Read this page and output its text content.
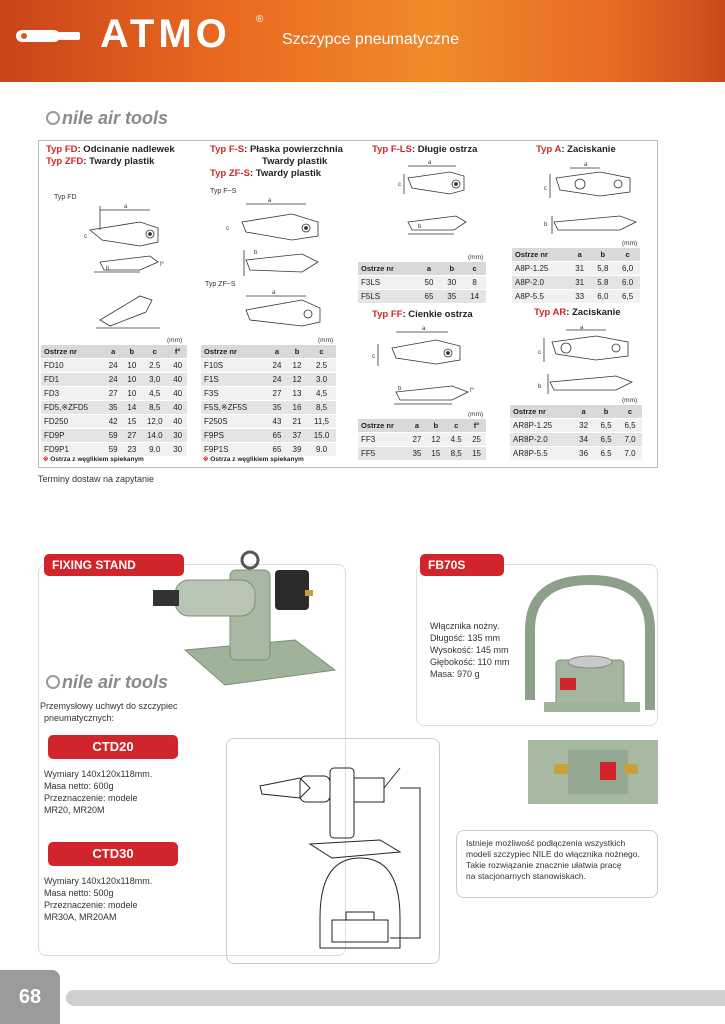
ATMO	®
Szczypce pneumatyczne
nile air tools
Typ FD: Odcinanie nadlewek
Typ ZFD: Twardy plastik
Typ F-S: Płaska powierzchnia
Twardy plastik
Typ ZF-S: Twardy plastik
Typ F-LS: Długie ostrza	Typ A: Zaciskanie
Typ FD
Typ F~S
Typ ZF~S
a
c
b
f°
a
c
b
a
a
c
b
a
c
b
a
c
b	f°
a
c
b
Typ FF: Cienkie ostrza	Typ AR: Zaciskanie
(mm)	(mm)
(mm)
(mm)
(mm)
(mm)
Ostrze nr	a	b	c	f°
FD10	24	10	2.5	40
FD1	24	10	3,0	40
FD3	27	10	4,5	40
FD5,※ZFD5	35	14	8,5	40
FD250	42	15	12,0	40
FD9P	59	27	14.0	30
FD9P1	59	23	9.0	30
※ Ostrza z węglikiem spiekanym
Ostrze nr	a	b	c
F10S	24	12	2.5
F1S	24	12	3.0
F3S	27	13	4,5
F5S,※ZF5S	35	16	8,5
F250S	43	21	11,5
F9PS	65	37	15.0
F9P1S	65	39	9.0
※ Ostrza z węglikiem spiekanym
Ostrze nr	a	b	c
F3LS	50	30	8
F5LS	65	35	14
Ostrze nr	a	b	c
A8P-1.25	31	5,8	6,0
A8P-2.0	31	5.8	6.0
A8P-5.5	33	6,0	6,5
Ostrze nr	a	b	c	f°
FF3	27	12	4.5	25
FF5	35	15	8,5	15
Ostrze nr	a	b	c
AR8P-1.25	32	6,5	6,5
AR8P-2.0	34	6,5	7,0
AR8P-5.5	36	6.5	7.0
Terminy dostaw na zapytanie
FIXING STAND
nile air tools
Przemysłowy uchwyt do szczypiec
pneumatycznych:
CTD20
Wymiary 140x120x118mm.
Masa netto: 600g
Przeznaczenie: modele
MR20, MR20M
CTD30
Wymiary 140x120x118mm.
Masa netto: 500g
Przeznaczenie: modele
MR30A, MR20AM
FB70S
Włącznika nożny.
Długość: 135 mm
Wysokość: 145 mm
Głębokość: 110 mm
Masa: 970 g
Istnieje możliwość podłączenia wszystkich
modeli szczypiec NILE do włącznika nożnego.
Takie rozwiązanie znacznie ułatwia pracę
na stacjonarnych stanowiskach.
68
